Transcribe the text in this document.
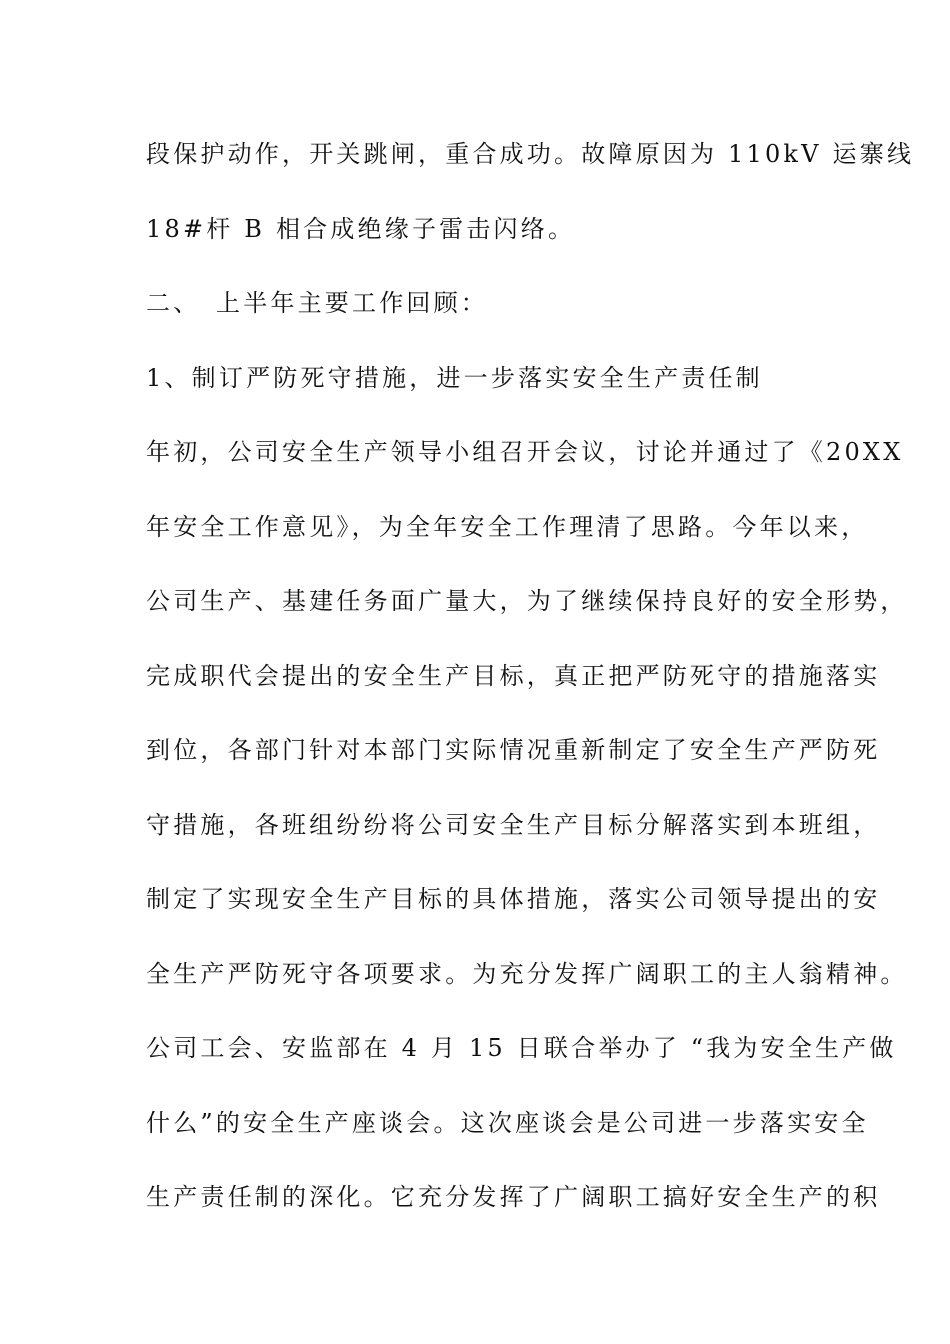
段保护动作，开关跳闸，重合成功。故障原因为 110kV 运寨线
18#杆 B 相合成绝缘子雷击闪络。
二、 上半年主要工作回顾：
1、制订严防死守措施，进一步落实安全生产责任制
年初，公司安全生产领导小组召开会议，讨论并通过了《20XX
年安全工作意见》，为全年安全工作理清了思路。今年以来，
公司生产、基建任务面广量大，为了继续保持良好的安全形势，
完成职代会提出的安全生产目标，真正把严防死守的措施落实
到位，各部门针对本部门实际情况重新制定了安全生产严防死
守措施，各班组纷纷将公司安全生产目标分解落实到本班组，
制定了实现安全生产目标的具体措施，落实公司领导提出的安
全生产严防死守各项要求。为充分发挥广阔职工的主人翁精神。
公司工会、安监部在 4 月 15 日联合举办了 “我为安全生产做
什么”的安全生产座谈会。这次座谈会是公司进一步落实安全
生产责任制的深化。它充分发挥了广阔职工搞好安全生产的积
